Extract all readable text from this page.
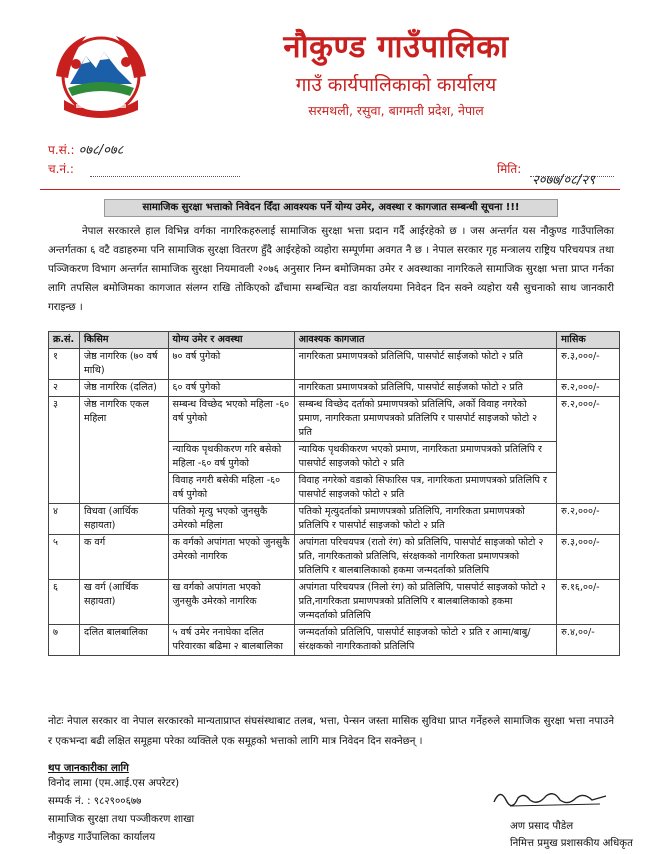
नौकुण्ड गाउँपालिका
गाउँ कार्यपालिकाको कार्यालय
सरमथली, रसुवा, बागमती प्रदेश, नेपाल
प.सं.: ०७८/०७८
च.नं.:	मिति:
२०७७/०८/२९
सामाजिक सुरक्षा भत्ताको निवेदन दिँदा आवश्यक पर्ने योग्य उमेर, अवस्था र कागजात सम्बन्धी सूचना !!!
नेपाल सरकारले हाल विभिन्न वर्गका नागरिकहरुलाई सामाजिक सुरक्षा भत्ता प्रदान गर्दै आईरहेको छ । जस अन्तर्गत यस नौकुण्ड गाउँपालिका अन्तर्गतका ६ वटै वडाहरुमा पनि सामाजिक सुरक्षा वितरण हुँदै आईरहेको व्यहोरा सम्पूर्णमा अवगत नै छ । नेपाल सरकार गृह मन्त्रालय राष्ट्रिय परिचयपत्र तथा पञ्जिकरण विभाग अन्तर्गत सामाजिक सुरक्षा नियमावली २०७६ अनुसार निम्न बमोजिमका उमेर र अवस्थाका नागरिकले सामाजिक सुरक्षा भत्ता प्राप्त गर्नका लागि तपसिल बमोजिमका कागजात संलग्न राखि तोकिएको ढाँचामा सम्बन्धित वडा कार्यालयमा निवेदन दिन सक्ने व्यहोरा यसै सुचनाको साथ जानकारी गराइन्छ ।
क्र.सं.	किसिम	योग्य उमेर र अवस्था	आवश्यक कागजात	मासिक
१	जेष्ठ नागरिक (७० वर्ष माथि)	७० वर्ष पुगेको	नागरिकता प्रमाणपत्रको प्रतिलिपि, पासपोर्ट साईजको फोटो २ प्रति	रु.३,०००/-
२	जेष्ठ नागरिक (दलित)	६० वर्ष पुगेको	नागरिकता प्रमाणपत्रको प्रतिलिपि, पासपोर्ट साईजको फोटो २ प्रति	रु.२,०००/-
३	जेष्ठ नागरिक एकल महिला	सम्बन्ध विच्छेद भएको महिला -६० वर्ष पुगेको	सम्बन्ध विच्छेद दर्ताको प्रमाणपत्रको प्रतिलिपि, अर्को विवाह नगरेको प्रमाण, नागरिकता प्रमाणपत्रको प्रतिलिपि र पासपोर्ट साइजको फोटो २ प्रति	रु.२,०००/-
		न्यायिक पृथकीकरण गरि बसेको महिला -६० वर्ष पुगेको	न्यायिक पृथकीकरण भएको प्रमाण, नागरिकता प्रमाणपत्रको प्रतिलिपि र पासपोर्ट साइजको फोटो २ प्रति	
		विवाह नगरी बसेकी महिला -६० वर्ष पुगेको	विवाह नगरेको वडाको सिफारिस पत्र, नागरिकता प्रमाणपत्रको प्रतिलिपि र पासपोर्ट साइजको फोटो २ प्रति	
४	विधवा (आर्थिक सहायता)	पतिको मृत्यु भएको जुनसुकै उमेरको महिला	पतिको मृत्युदर्ताको प्रमाणपत्रको प्रतिलिपि, नागरिकता प्रमाणपत्रको प्रतिलिपि र पासपोर्ट साइजको फोटो २ प्रति	रु.२,०००/-
५	क वर्ग	क वर्गको अपांगता भएको जुनसुकै उमेरको नागरिक	अपांगता परिचयपत्र (रातो रंग) को प्रतिलिपि, पासपोर्ट साइजको फोटो २ प्रति, नागरिकताको प्रतिलिपि, संरक्षकको नागरिकता प्रमाणपत्रको प्रतिलिपि र बालबालिकाको हकमा जन्मदर्ताको प्रतिलिपि	रु.३,०००/-
६	ख वर्ग (आर्थिक सहायता)	ख वर्गको अपांगता भएको जुनसुकै उमेरको नागरिक	अपांगता परिचयपत्र (निलो रंग) को प्रतिलिपि, पासपोर्ट साइजको फोटो २ प्रति,नागरिकता प्रमाणपत्रको प्रतिलिपि र बालबालिकाको हकमा जन्मदर्ताको प्रतिलिपि	रु.१६,००/-
७	दलित बालबालिका	५ वर्ष उमेर ननाघेका दलित परिवारका बढिमा २ बालबालिका	जन्मदर्ताको प्रतिलिपि, पासपोर्ट साइजको फोटो २ प्रति र आमा/बाबु/संरक्षकको नागरिकताको प्रतिलिपि	रु.४,००/-
नोटः नेपाल सरकार वा नेपाल सरकारको मान्यताप्राप्त संघसंस्थाबाट तलब, भत्ता, पेन्सन जस्ता मासिक सुविधा प्राप्त गर्नेहरुले सामाजिक सुरक्षा भत्ता नपाउने र एकभन्दा बढी लक्षित समूहमा परेका व्यक्तिले एक समूहको भत्ताको लागि मात्र निवेदन दिन सक्नेछन् ।
थप जानकारीका लागि
विनोद लामा (एम.आई.एस अपरेटर)
सम्पर्क नं. : ९८२९००६७७
सामाजिक सुरक्षा तथा पञ्जीकरण शाखा
नौकुण्ड गाउँपालिका कार्यालय
अण प्रसाद पौडेल
निमित्त प्रमुख प्रशासकीय अधिकृत
